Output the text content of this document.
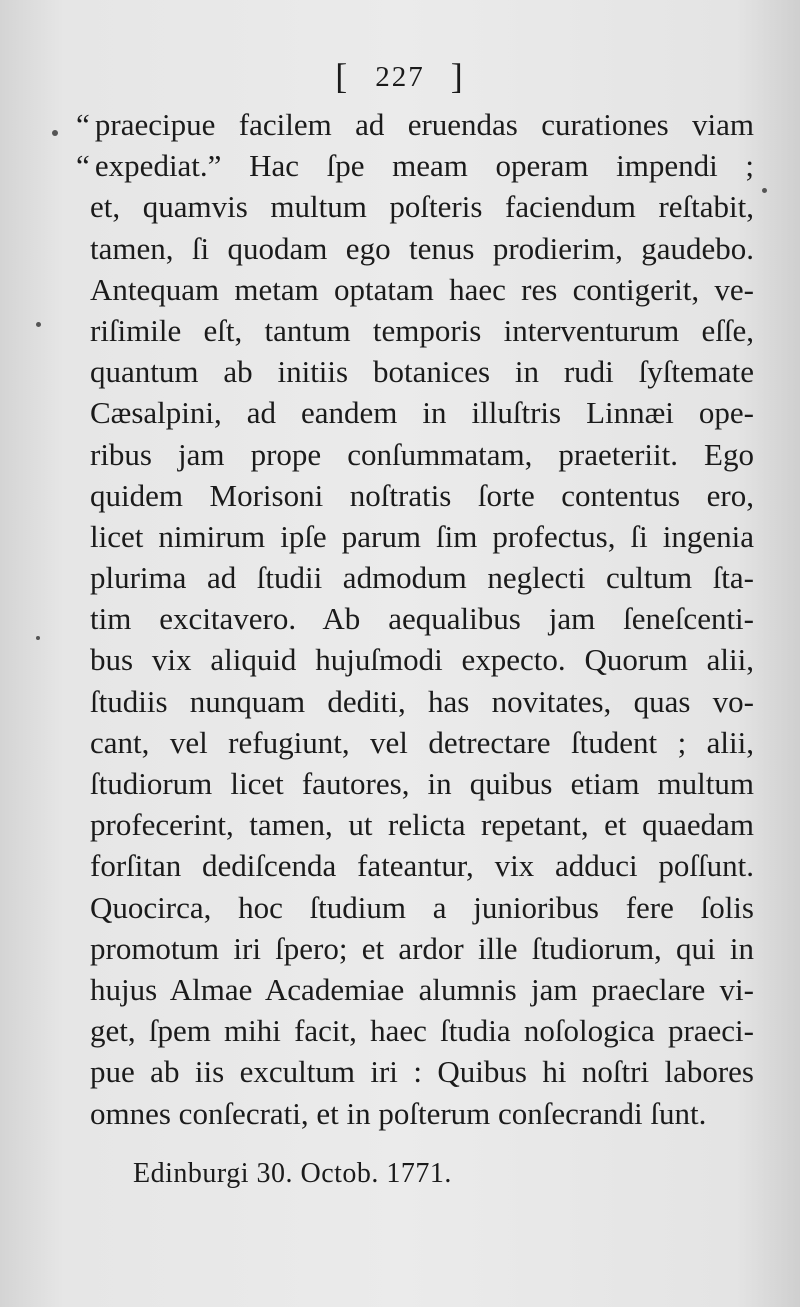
[ 227 ]
“ praecipue facilem ad eruendas curationes viam
“ expediat.” Hac ſpe meam operam impendi ;
et, quamvis multum poſteris faciendum reſtabit,
tamen, ſi quodam ego tenus prodierim, gaudebo.
Antequam metam optatam haec res contigerit, ve-
riſimile eſt, tantum temporis interventurum eſſe,
quantum ab initiis botanices in rudi ſyſtemate
Cæsalpini, ad eandem in illuſtris Linnæi ope-
ribus jam prope conſummatam, praeteriit. Ego
quidem Morisoni noſtratis ſorte contentus ero,
licet nimirum ipſe parum ſim profectus, ſi ingenia
plurima ad ſtudii admodum neglecti cultum ſta-
tim excitavero. Ab aequalibus jam ſeneſcenti-
bus vix aliquid hujuſmodi expecto. Quorum alii,
ſtudiis nunquam dediti, has novitates, quas vo-
cant, vel refugiunt, vel detrectare ſtudent ; alii,
ſtudiorum licet fautores, in quibus etiam multum
profecerint, tamen, ut relicta repetant, et quaedam
forſitan dediſcenda fateantur, vix adduci poſſunt.
Quocirca, hoc ſtudium a junioribus fere ſolis
promotum iri ſpero; et ardor ille ſtudiorum, qui in
hujus Almae Academiae alumnis jam praeclare vi-
get, ſpem mihi facit, haec ſtudia noſologica praeci-
pue ab iis excultum iri : Quibus hi noſtri labores
omnes conſecrati, et in poſterum conſecrandi ſunt.
Edinburgi 30. Octob. 1771.
